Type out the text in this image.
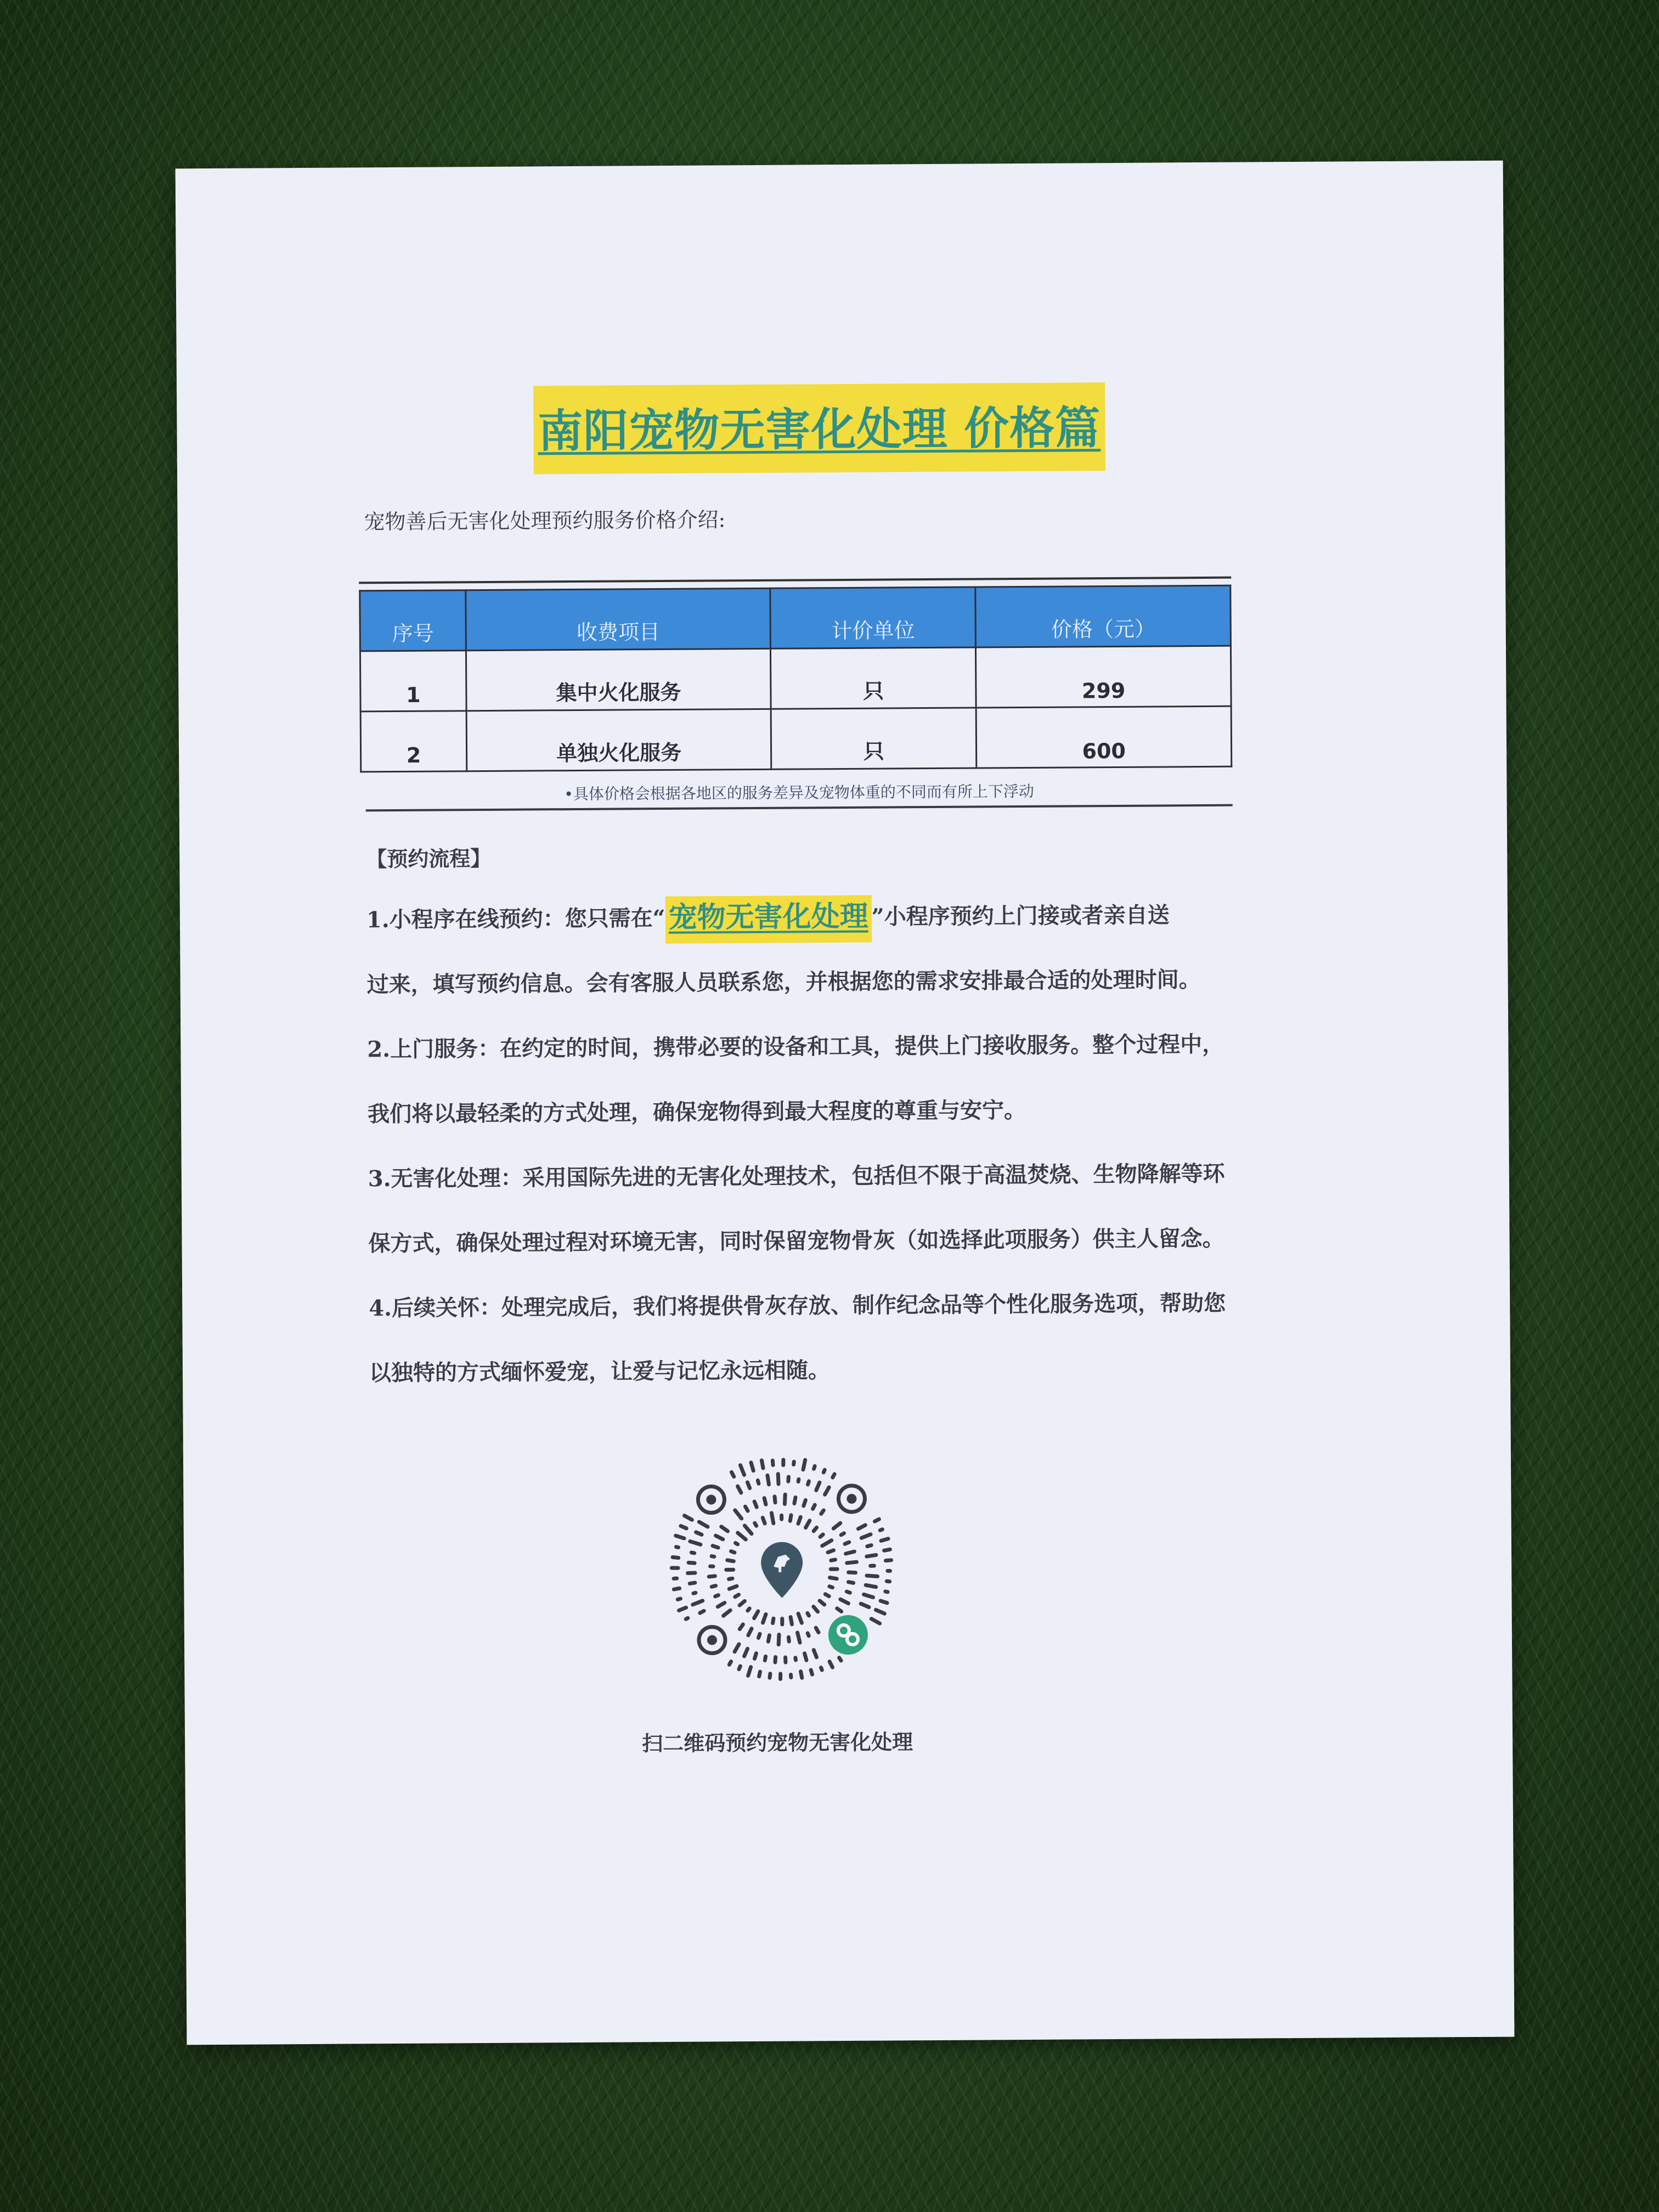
南阳宠物无害化处理 价格篇
宠物善后无害化处理预约服务价格介绍:
序号	收费项目	计价单位	价格（元）
1	集中火化服务	只	299
2	单独火化服务	只	600
•具体价格会根据各地区的服务差异及宠物体重的不同而有所上下浮动
【预约流程】
1.小程序在线预约：您只需在“ 宠物无害化处理 ”小程序预约上门接或者亲自送
过来，填写预约信息。会有客服人员联系您，并根据您的需求安排最合适的处理时间。
2.上门服务：在约定的时间，携带必要的设备和工具，提供上门接收服务。整个过程中，
我们将以最轻柔的方式处理，确保宠物得到最大程度的尊重与安宁。
3.无害化处理：采用国际先进的无害化处理技术，包括但不限于高温焚烧、生物降解等环
保方式，确保处理过程对环境无害，同时保留宠物骨灰（如选择此项服务）供主人留念。
4.后续关怀：处理完成后，我们将提供骨灰存放、制作纪念品等个性化服务选项，帮助您
以独特的方式缅怀爱宠，让爱与记忆永远相随。
扫二维码预约宠物无害化处理
